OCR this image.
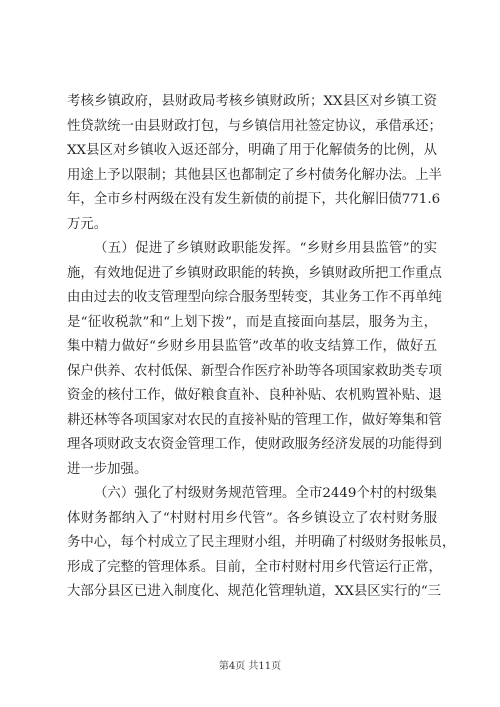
考核乡镇政府，县财政局考核乡镇财政所；XX县区对乡镇工资
性贷款统一由县财政打包，与乡镇信用社签定协议，承借承还；
XX县区对乡镇收入返还部分，明确了用于化解债务的比例，从
用途上予以限制；其他县区也都制定了乡村债务化解办法。上半
年，全市乡村两级在没有发生新债的前提下，共化解旧债771.6
万元。
（五）促进了乡镇财政职能发挥。“乡财乡用县监管”的实
施，有效地促进了乡镇财政职能的转换，乡镇财政所把工作重点
由由过去的收支管理型向综合服务型转变，其业务工作不再单纯
是“征收税款”和“上划下拨”，而是直接面向基层，服务为主，
集中精力做好“乡财乡用县监管”改革的收支结算工作，做好五
保户供养、农村低保、新型合作医疗补助等各项国家救助类专项
资金的核付工作，做好粮食直补、良种补贴、农机购置补贴、退
耕还林等各项国家对农民的直接补贴的管理工作，做好筹集和管
理各项财政支农资金管理工作，使财政服务经济发展的功能得到
进一步加强。
（六）强化了村级财务规范管理。全市2449个村的村级集
体财务都纳入了“村财村用乡代管”。各乡镇设立了农村财务服
务中心，每个村成立了民主理财小组，并明确了村级财务报帐员，
形成了完整的管理体系。目前，全市村财村用乡代管运行正常，
大部分县区已进入制度化、规范化管理轨道，XX县区实行的“三
第4页 共11页
